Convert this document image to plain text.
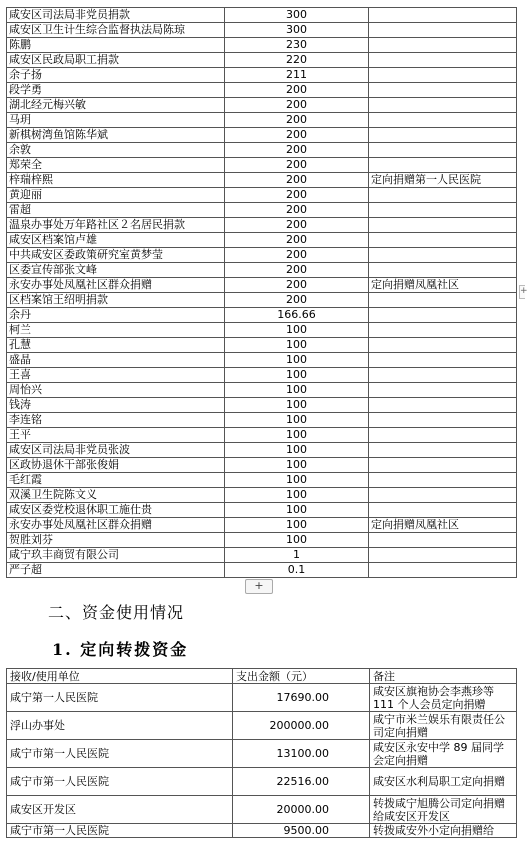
咸安区司法局非党员捐款	300	
咸安区卫生计生综合监督执法局陈琼	300	
陈鹏	230	
咸安区民政局职工捐款	220	
余子扬	211	
段学勇	200	
湖北经元梅兴敏	200	
马玥	200	
新棋树湾鱼馆陈华斌	200	
余敦	200	
郑荣全	200	
梓瑞梓熙	200	定向捐赠第一人民医院
黄迎丽	200	
雷超	200	
温泉办事处万年路社区２名居民捐款	200	
咸安区档案馆卢雄	200	
中共咸安区委政策研究室黄梦莹	200	
区委宣传部张文峰	200	
永安办事处凤凰社区群众捐赠	200	定向捐赠凤凰社区
区档案馆王绍明捐款	200	
余丹	166.66	
柯兰	100	
孔慧	100	
盛晶	100	
王喜	100	
周怡兴	100	
钱涛	100	
李连铭	100	
王平	100	
咸安区司法局非党员张波	100	
区政协退休干部张俊娟	100	
毛红霞	100	
双溪卫生院陈文义	100	
咸安区委党校退休职工施仕贵	100	
永安办事处凤凰社区群众捐赠	100	定向捐赠凤凰社区
贺胜刘芬	100	
咸宁玖丰商贸有限公司	1	
严子超	0.1	
+
+
二、资金使用情况
1. 定向转拨资金
接收/使用单位	支出金额（元）	备注
咸宁第一人民医院	17690.00	咸安区旗袍协会李燕珍等111 个人会员定向捐赠
浮山办事处	200000.00	咸宁市米兰娱乐有限责任公司定向捐赠
咸宁市第一人民医院	13100.00	咸安区永安中学 89 届同学会定向捐赠
咸宁市第一人民医院	22516.00	咸安区水利局职工定向捐赠
咸安区开发区	20000.00	转拨咸宁旭腾公司定向捐赠给咸安区开发区
咸宁市第一人民医院	9500.00	转拨咸安外小定向捐赠给
